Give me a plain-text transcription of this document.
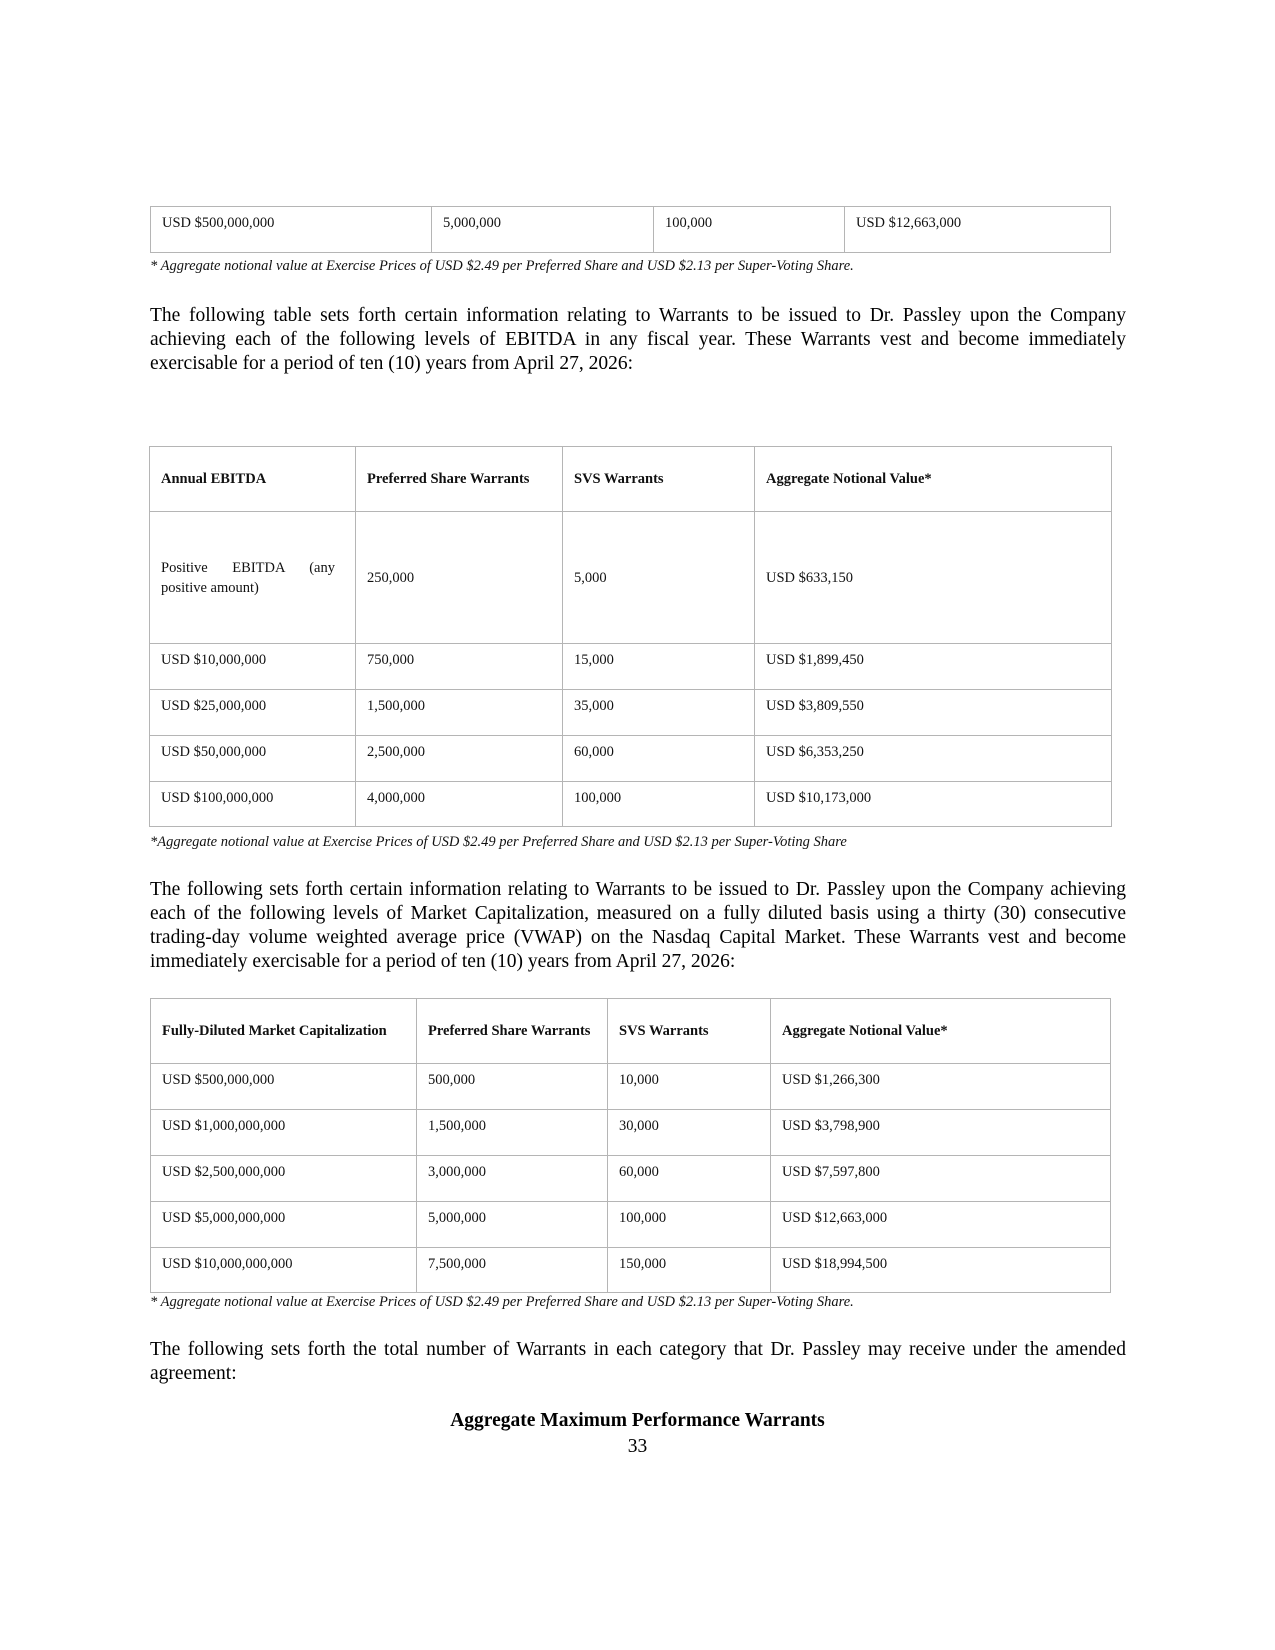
USD $500,000,000	5,000,000	100,000	USD $12,663,000

* Aggregate notional value at Exercise Prices of USD $2.49 per Preferred Share and USD $2.13 per Super-Voting Share.

The following table sets forth certain information relating to Warrants to be issued to Dr. Passley upon the Company achieving each of the following levels of EBITDA in any fiscal year. These Warrants vest and become immediately exercisable for a period of ten (10) years from April 27, 2026:

Annual EBITDA	Preferred Share Warrants	SVS Warrants	Aggregate Notional Value*
Positive EBITDA (any positive amount)	250,000	5,000	USD $633,150
USD $10,000,000	750,000	15,000	USD $1,899,450
USD $25,000,000	1,500,000	35,000	USD $3,809,550
USD $50,000,000	2,500,000	60,000	USD $6,353,250
USD $100,000,000	4,000,000	100,000	USD $10,173,000

*Aggregate notional value at Exercise Prices of USD $2.49 per Preferred Share and USD $2.13 per Super-Voting Share

The following sets forth certain information relating to Warrants to be issued to Dr. Passley upon the Company achieving each of the following levels of Market Capitalization, measured on a fully diluted basis using a thirty (30) consecutive trading-day volume weighted average price (VWAP) on the Nasdaq Capital Market. These Warrants vest and become immediately exercisable for a period of ten (10) years from April 27, 2026:

Fully-Diluted Market Capitalization	Preferred Share Warrants	SVS Warrants	Aggregate Notional Value*
USD $500,000,000	500,000	10,000	USD $1,266,300
USD $1,000,000,000	1,500,000	30,000	USD $3,798,900
USD $2,500,000,000	3,000,000	60,000	USD $7,597,800
USD $5,000,000,000	5,000,000	100,000	USD $12,663,000
USD $10,000,000,000	7,500,000	150,000	USD $18,994,500

* Aggregate notional value at Exercise Prices of USD $2.49 per Preferred Share and USD $2.13 per Super-Voting Share.

The following sets forth the total number of Warrants in each category that Dr. Passley may receive under the amended agreement:

Aggregate Maximum Performance Warrants

33
